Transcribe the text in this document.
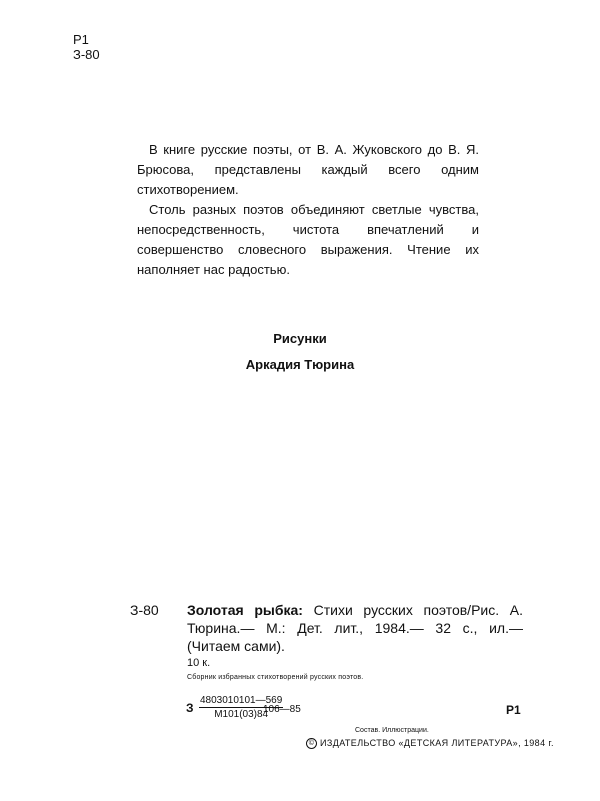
Р1
З-80

В книге русские поэты, от В. А. Жуковского до В. Я. Брюсова, представлены каждый всего одним стихотворением.

Столь разных поэтов объединяют светлые чувства, непосредственность, чистота впечатлений и совершенство словесного выражения. Чтение их наполняет нас радостью.

Рисунки
Аркадия Тюрина
З-80 Золотая рыбка: Стихи русских поэтов/Рис. А. Тюрина.— М.: Дет. лит., 1984.— 32 с., ил.— (Читаем сами).

10 к.
Сборник избранных стихотворений русских поэтов.
З
4803010101—569
М101(03)84
106—85	Р1
Состав. Иллюстрации.
© ИЗДАТЕЛЬСТВО «ДЕТСКАЯ ЛИТЕРАТУРА», 1984 г.
